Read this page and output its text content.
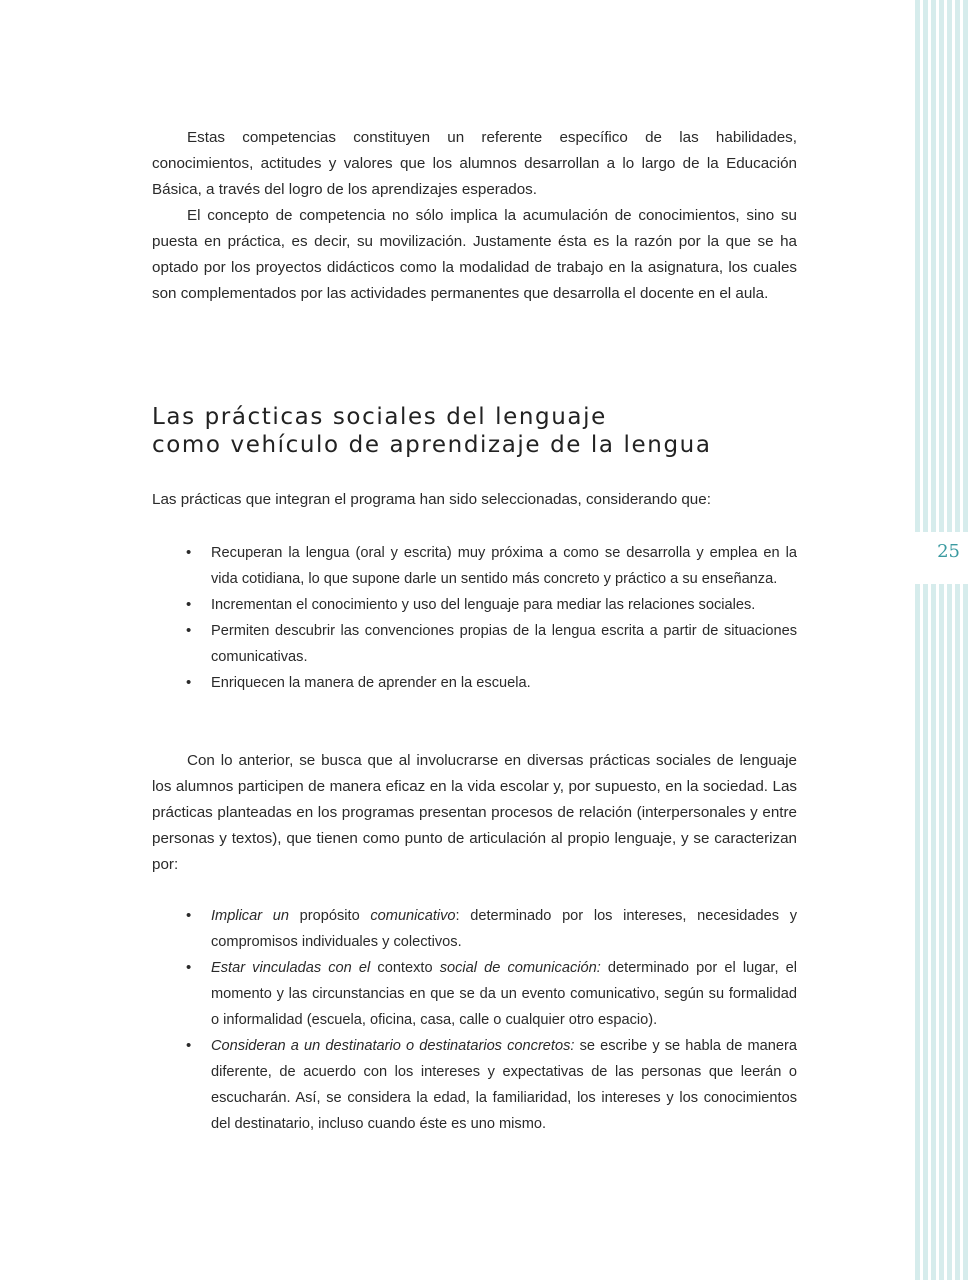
Estas competencias constituyen un referente específico de las habilidades, conocimientos, actitudes y valores que los alumnos desarrollan a lo largo de la Educación Básica, a través del logro de los aprendizajes esperados.

El concepto de competencia no sólo implica la acumulación de conocimientos, sino su puesta en práctica, es decir, su movilización. Justamente ésta es la razón por la que se ha optado por los proyectos didácticos como la modalidad de trabajo en la asignatura, los cuales son complementados por las actividades permanentes que desarrolla el docente en el aula.

Las prácticas sociales del lenguaje
como vehículo de aprendizaje de la lengua

Las prácticas que integran el programa han sido seleccionadas, considerando que:

• Recuperan la lengua (oral y escrita) muy próxima a como se desarrolla y emplea en la vida cotidiana, lo que supone darle un sentido más concreto y práctico a su enseñanza.
• Incrementan el conocimiento y uso del lenguaje para mediar las relaciones sociales.
• Permiten descubrir las convenciones propias de la lengua escrita a partir de situaciones comunicativas.
• Enriquecen la manera de aprender en la escuela.

Con lo anterior, se busca que al involucrarse en diversas prácticas sociales de lenguaje los alumnos participen de manera eficaz en la vida escolar y, por supuesto, en la sociedad. Las prácticas planteadas en los programas presentan procesos de relación (interpersonales y entre personas y textos), que tienen como punto de articulación al propio lenguaje, y se caracterizan por:

• Implicar un propósito comunicativo: determinado por los intereses, necesidades y compromisos individuales y colectivos.
• Estar vinculadas con el contexto social de comunicación: determinado por el lugar, el momento y las circunstancias en que se da un evento comunicativo, según su formalidad o informalidad (escuela, oficina, casa, calle o cualquier otro espacio).
• Consideran a un destinatario o destinatarios concretos: se escribe y se habla de manera diferente, de acuerdo con los intereses y expectativas de las personas que leerán o escucharán. Así, se considera la edad, la familiaridad, los intereses y los conocimientos del destinatario, incluso cuando éste es uno mismo.
25
